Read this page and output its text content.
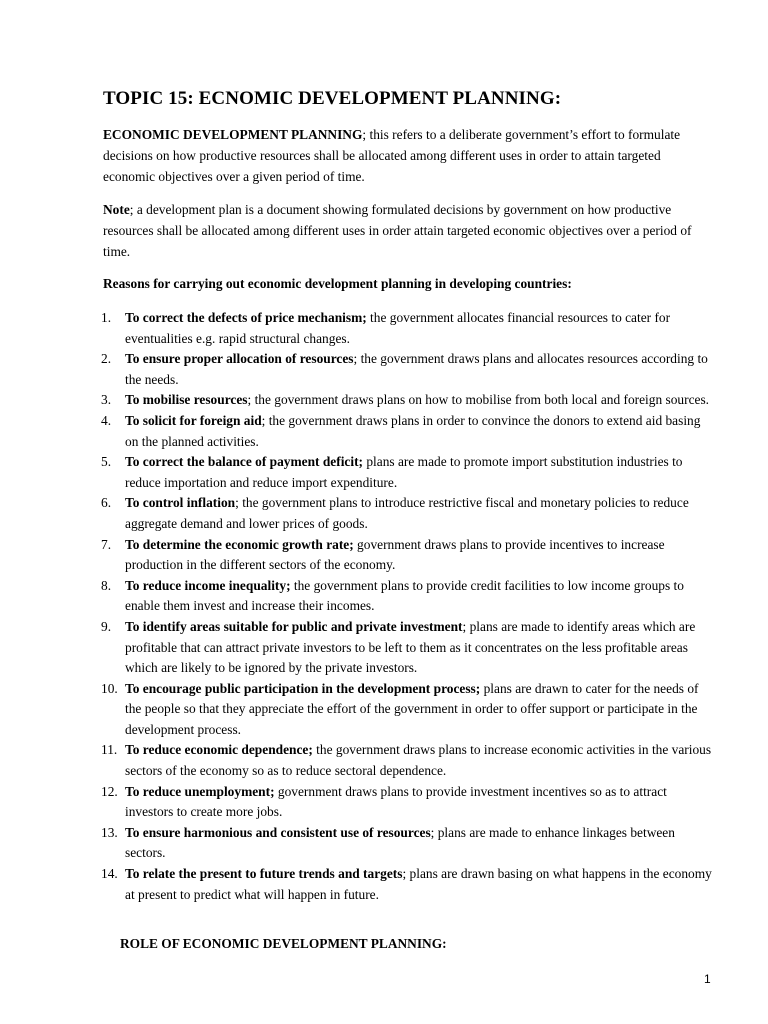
TOPIC 15: ECNOMIC DEVELOPMENT PLANNING:
ECONOMIC DEVELOPMENT PLANNING; this refers to a deliberate government’s effort to formulate decisions on how productive resources shall be allocated among different uses in order to attain targeted economic objectives over a given period of time.
Note; a development plan is a document showing formulated decisions by government on how productive resources shall be allocated among different uses in order attain targeted economic objectives over a period of time.
Reasons for carrying out economic development planning in developing countries:
1. To correct the defects of price mechanism; the government allocates financial resources to cater for eventualities e.g. rapid structural changes.
2. To ensure proper allocation of resources; the government draws plans and allocates resources according to the needs.
3. To mobilise resources; the government draws plans on how to mobilise from both local and foreign sources.
4. To solicit for foreign aid; the government draws plans in order to convince the donors to extend aid basing on the planned activities.
5. To correct the balance of payment deficit; plans are made to promote import substitution industries to reduce importation and reduce import expenditure.
6. To control inflation; the government plans to introduce restrictive fiscal and monetary policies to reduce aggregate demand and lower prices of goods.
7. To determine the economic growth rate; government draws plans to provide incentives to increase production in the different sectors of the economy.
8. To reduce income inequality; the government plans to provide credit facilities to low income groups to enable them invest and increase their incomes.
9. To identify areas suitable for public and private investment; plans are made to identify areas which are profitable that can attract private investors to be left to them as it concentrates on the less profitable areas which are likely to be ignored by the private investors.
10. To encourage public participation in the development process; plans are drawn to cater for the needs of the people so that they appreciate the effort of the government in order to offer support or participate in the development process.
11. To reduce economic dependence; the government draws plans to increase economic activities in the various sectors of the economy so as to reduce sectoral dependence.
12. To reduce unemployment; government draws plans to provide investment incentives so as to attract investors to create more jobs.
13. To ensure harmonious and consistent use of resources; plans are made to enhance linkages between sectors.
14. To relate the present to future trends and targets; plans are drawn basing on what happens in the economy at present to predict what will happen in future.
ROLE OF ECONOMIC DEVELOPMENT PLANNING:
1
